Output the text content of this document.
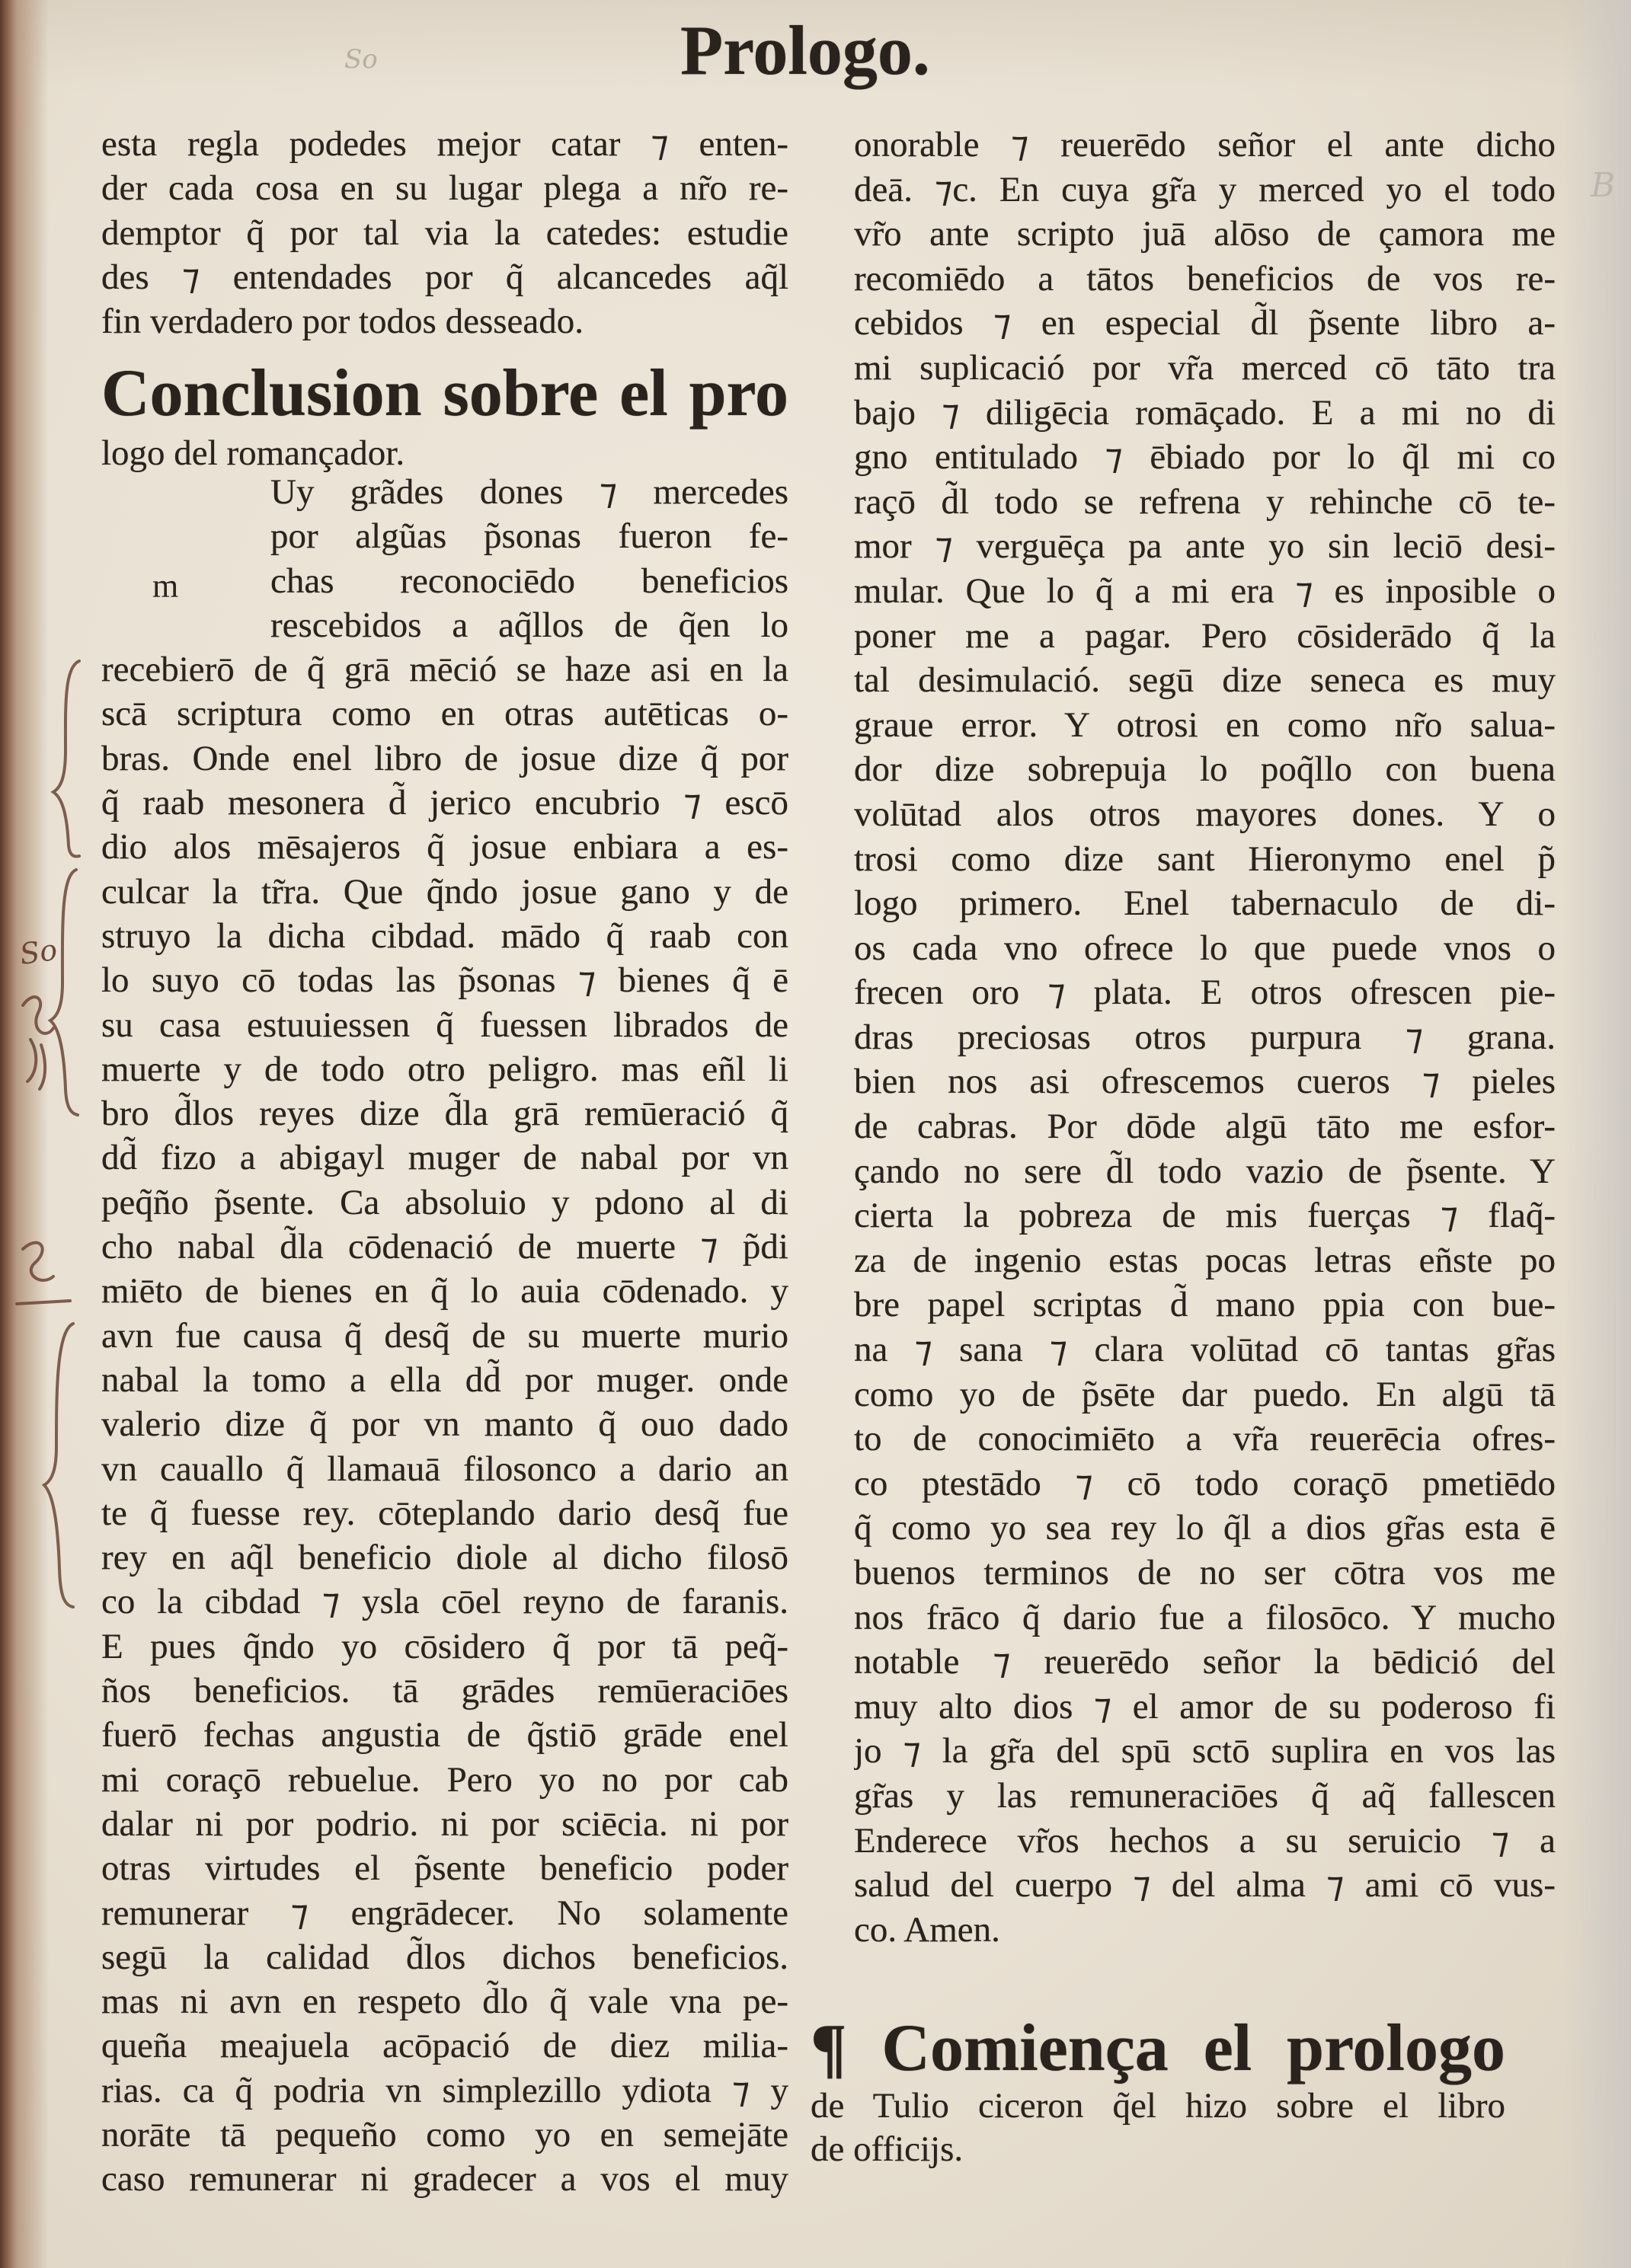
Prologo.
So
So
B
esta regla podedes mejor catar ⁊ enten-
der cada cosa en su lugar plega a nr̃o re-
demptor q̃ por tal via la catedes: estudie
des ⁊ entendades por q̃ alcancedes aq̃l
fin verdadero por todos desseado.
Conclusion sobre el pro
logo del romançador.
m
Uy grãdes dones ⁊ mercedes
por algũas p̃sonas fueron fe-
chas reconociēdo beneficios
rescebidos a aq̃llos de q̃en lo
recebierō de q̃ grā mēció se haze asi en la
scā scriptura como en otras autēticas o-
bras. Onde enel libro de josue dize q̃ por
q̃ raab mesonera d̃ jerico encubrio ⁊ escō
dio alos mēsajeros q̃ josue enbiara a es-
culcar la tr̃ra. Que q̃ndo josue gano y de
struyo la dicha cibdad. mādo q̃ raab con
lo suyo cō todas las p̃sonas ⁊ bienes q̃ ē
su casa estuuiessen q̃ fuessen librados de
muerte y de todo otro peligro. mas eñl li
bro d̃los reyes dize d̃la grā remūeració q̃
dd̃ fizo a abigayl muger de nabal por vn
peq̃ño p̃sente. Ca absoluio y pdono al di
cho nabal d̃la cōdenació de muerte ⁊ p̃di
miēto de bienes en q̃ lo auia cōdenado. y
avn fue causa q̃ desq̃ de su muerte murio
nabal la tomo a ella dd̃ por muger. onde
valerio dize q̃ por vn manto q̃ ouo dado
vn cauallo q̃ llamauā filosonco a dario an
te q̃ fuesse rey. cōteplando dario desq̃ fue
rey en aq̃l beneficio diole al dicho filosō
co la cibdad ⁊ ysla cōel reyno de faranis.
E pues q̃ndo yo cōsidero q̃ por tā peq̃-
ños beneficios. tā grādes remūeraciōes
fuerō fechas angustia de q̃stiō grāde enel
mi coraçō rebuelue. Pero yo no por cab
dalar ni por podrio. ni por sciēcia. ni por
otras virtudes el p̃sente beneficio poder
remunerar ⁊ engrādecer. No solamente
segū la calidad d̃los dichos beneficios.
mas ni avn en respeto d̃lo q̃ vale vna pe-
queña meajuela acōpació de diez milia-
rias. ca q̃ podria vn simplezillo ydiota ⁊ y
norāte tā pequeño como yo en semejāte
caso remunerar ni gradecer a vos el muy
onorable ⁊ reuerēdo señor el ante dicho
deā. ⁊c. En cuya gr̃a y merced yo el todo
vr̃o ante scripto juā alōso de çamora me
recomiēdo a tātos beneficios de vos re-
cebidos ⁊ en especial d̃l p̃sente libro a-
mi suplicació por vr̃a merced cō tāto tra
bajo ⁊ diligēcia romāçado. E a mi no di
gno entitulado ⁊ ēbiado por lo q̃l mi co
raçō d̃l todo se refrena y rehinche cō te-
mor ⁊ verguēça pa ante yo sin leciō desi-
mular. Que lo q̃ a mi era ⁊ es inposible o
poner me a pagar. Pero cōsiderādo q̃ la
tal desimulació. segū dize seneca es muy
graue error. Y otrosi en como nr̃o salua-
dor dize sobrepuja lo poq̃llo con buena
volūtad alos otros mayores dones. Y o
trosi como dize sant Hieronymo enel p̃
logo primero. Enel tabernaculo de di-
os cada vno ofrece lo que puede vnos o
frecen oro ⁊ plata. E otros ofrescen pie-
dras preciosas otros purpura ⁊ grana.
bien nos asi ofrescemos cueros ⁊ pieles
de cabras. Por dōde algū tāto me esfor-
çando no sere d̃l todo vazio de p̃sente. Y
cierta la pobreza de mis fuerças ⁊ flaq̃-
za de ingenio estas pocas letras eñste po
bre papel scriptas d̃ mano ppia con bue-
na ⁊ sana ⁊ clara volūtad cō tantas gr̃as
como yo de p̃sēte dar puedo. En algū tā
to de conocimiēto a vr̃a reuerēcia ofres-
co ptestādo ⁊ cō todo coraçō pmetiēdo
q̃ como yo sea rey lo q̃l a dios gr̃as esta ē
buenos terminos de no ser cōtra vos me
nos frāco q̃ dario fue a filosōco. Y mucho
notable ⁊ reuerēdo señor la bēdició del
muy alto dios ⁊ el amor de su poderoso fi
jo ⁊ la gr̃a del spū sctō suplira en vos las
gr̃as y las remuneraciōes q̃ aq̃ fallescen
Enderece vr̃os hechos a su seruicio ⁊ a
salud del cuerpo ⁊ del alma ⁊ ami cō vus-
co. Amen.
¶ Comiença el prologo
de Tulio ciceron q̃el hizo sobre el libro
de officijs.
